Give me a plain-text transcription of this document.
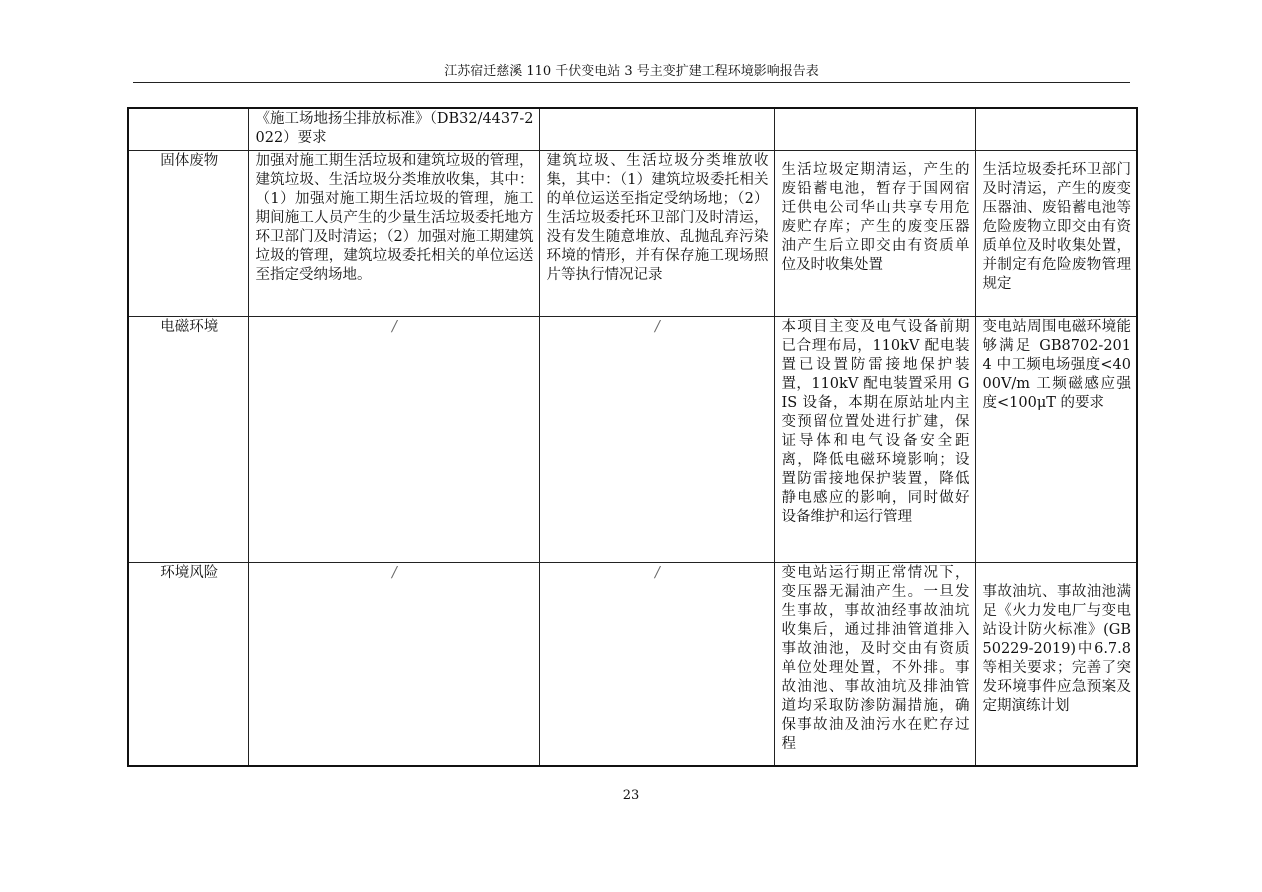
江苏宿迁慈溪 110 千伏变电站 3 号主变扩建工程环境影响报告表
	《施工场地扬尘排放标准》（DB32/4437-2022）要求			
固体废物	加强对施工期生活垃圾和建筑垃圾的管理，建筑垃圾、生活垃圾分类堆放收集，其中：（1）加强对施工期生活垃圾的管理，施工期间施工人员产生的少量生活垃圾委托地方环卫部门及时清运；（2）加强对施工期建筑垃圾的管理，建筑垃圾委托相关的单位运送至指定受纳场地。	建筑垃圾、生活垃圾分类堆放收集，其中：（1）建筑垃圾委托相关的单位运送至指定受纳场地；（2）生活垃圾委托环卫部门及时清运，没有发生随意堆放、乱抛乱弃污染环境的情形，并有保存施工现场照片等执行情况记录	生活垃圾定期清运，产生的废铅蓄电池，暂存于国网宿迁供电公司华山共享专用危废贮存库；产生的废变压器油产生后立即交由有资质单位及时收集处置	生活垃圾委托环卫部门及时清运，产生的废变压器油、废铅蓄电池等危险废物立即交由有资质单位及时收集处置，并制定有危险废物管理规定
电磁环境	/	/	本项目主变及电气设备前期已合理布局，110kV 配电装置已设置防雷接地保护装置，110kV 配电装置采用 GIS 设备，本期在原站址内主变预留位置处进行扩建，保证导体和电气设备安全距离，降低电磁环境影响；设置防雷接地保护装置，降低静电感应的影响，同时做好设备维护和运行管理	变电站周围电磁环境能够满足 GB8702-2014 中工频电场强度<4000V/m 工频磁感应强度<100μT 的要求
环境风险	/	/	变电站运行期正常情况下，变压器无漏油产生。一旦发生事故，事故油经事故油坑收集后，通过排油管道排入事故油池，及时交由有资质单位处理处置，不外排。事故油池、事故油坑及排油管道均采取防渗防漏措施，确保事故油及油污水在贮存过程	事故油坑、事故油池满足《火力发电厂与变电站设计防火标准》(GB50229-2019)中6.7.8等相关要求；完善了突发环境事件应急预案及定期演练计划
23
